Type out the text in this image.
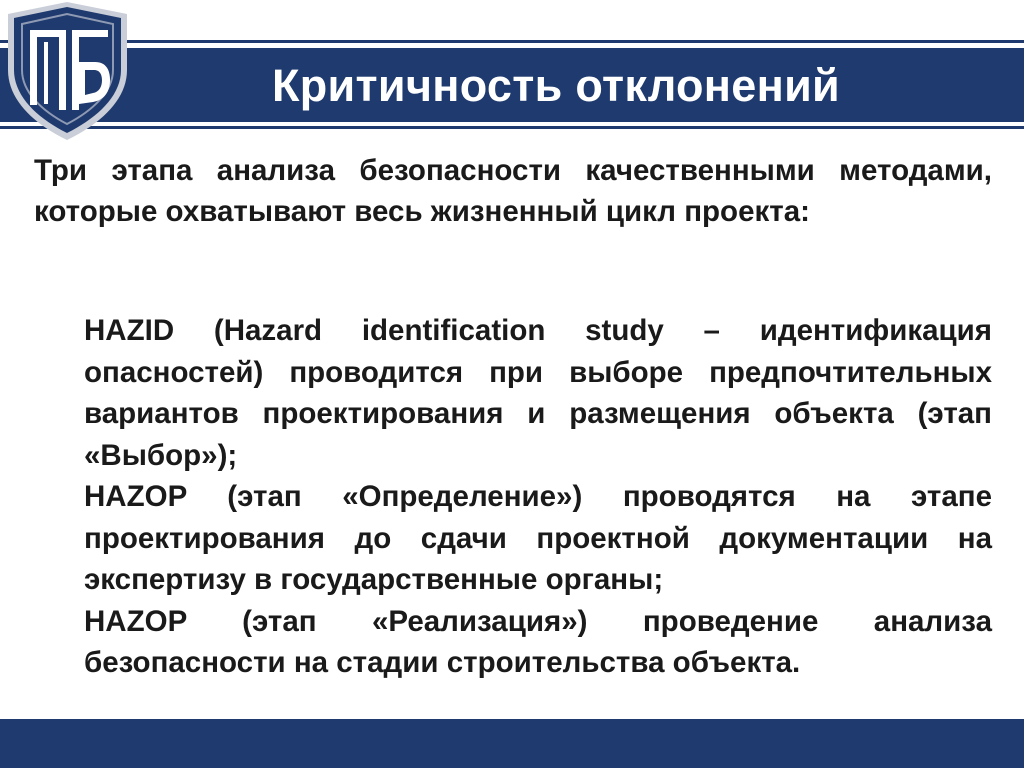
Критичность отклонений
Три этапа анализа безопасности качественными методами, которые охватывают весь жизненный цикл проекта:

HAZID (Hazard identification study – идентификация опасностей) проводится при выборе предпочтительных вариантов проектирования и размещения объекта (этап «Выбор»);

HAZOP (этап «Определение») проводятся на этапе проектирования до сдачи проектной документации на экспертизу в государственные органы;

HAZOP (этап «Реализация») проведение анализа безопасности на стадии строительства объекта.
